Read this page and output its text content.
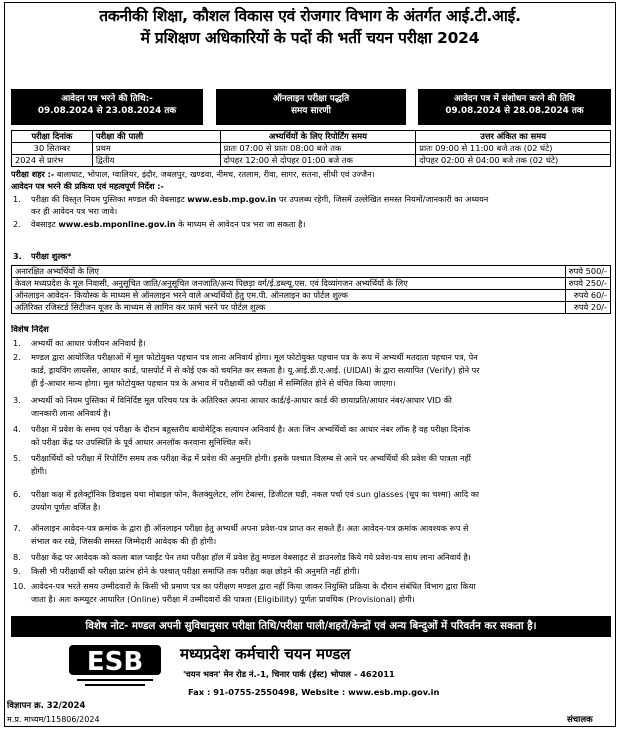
तकनीकी शिक्षा, कौशल विकास एवं रोजगार विभाग के अंतर्गत आई.टी.आई.
में प्रशिक्षण अधिकारियों के पदों की भर्ती चयन परीक्षा 2024
आवेदन पत्र भरने की तिथि:-
09.08.2024 से 23.08.2024 तक
ऑनलाइन परीक्षा पद्धति
समय सारणी
आवेदन पत्र में संशोधन करने की तिथि
09.08.2024 से 28.08.2024 तक
परीक्षा दिनांक	परीक्षा की पाली	अभ्यर्थियों के लिए रिपोर्टिंग समय	उत्तर अंकित का समय
30 सितम्बर	प्रथम	प्रातः 07:00 से प्रातः 08:00 बजे तक	प्रातः 09:00 से 11:00 बजे तक (02 घंटे)
2024 से प्रारंभ	द्वितीय	दोपहर 12:00 से दोपहर 01:00 बजे तक	दोपहर 02:00 से 04:00 बजे तक (02 घंटे)
परीक्षा शहर :- बालाघाट, भोपाल, ग्वालियर, इंदौर, जबलपुर, खण्डवा, नीमच, रतलाम, रीवा, सागर, सतना, सीधी एवं उज्जैन।
आवेदन पत्र भरने की प्रकिया एवं महत्वपूर्ण निर्देश :-
1. परीक्षा की विस्तृत नियम पुस्तिका मण्डल की वेबसाइट www.esb.mp.gov.in पर उपलब्ध रहेगी, जिसमें उल्लेखित समस्त नियमों/जानकारी का अध्ययन
कर ही आवेदन पत्र भरा जावे।
2. वेबसाइट www.esb.mponline.gov.in के माध्यम से आवेदन पत्र भरा जा सकता है।
3. परीक्षा शुल्क*
अनारक्षित अभ्यर्थियों के लिए	रुपये 500/-
केवल मध्यप्रदेश के मूल निवासी, अनुसूचित जाति/अनुसूचित जनजाति/अन्य पिछड़ा वर्ग/ई.डब्ल्यू.एस. एवं दिव्यांगजन अभ्यर्थियों के लिए	रुपये 250/-
ऑनलाइन आवेदन- कियोस्क के माध्यम से ऑनलाइन भरने वाले अभ्यर्थियों हेतु एम.पी. ऑनलाइन का पोर्टल शुल्क	रुपये 60/-
अतिरिक्त रजिस्टर्ड सिटीजन यूजर के माध्यम से लागिन कर फार्म भरने पर पोर्टल शुल्क	रुपये 20/-
विशेष निर्देश
1. अभ्यर्थी का आधार पंजीयन अनिवार्य है।
2. मण्डल द्वारा आयोजित परीक्षाओं में मूल फोटोयुक्त पहचान पत्र लाना अनिवार्य होगा। मूल फोटोयुक्त पहचान पत्र के रूप में अभ्यर्थी मतदाता पहचान पत्र, पेन
कार्ड, ड्रायविंग लायसेंस, आधार कार्ड, पासपोर्ट में से कोई एक को चयनित कर सकता है। यू.आई.डी.ए.आई. (UIDAI) के द्वारा सत्यापित (Verify) होने पर
ही ई-आधार मान्य होगा। मूल फोटोयुक्त पहचान पत्र के अभाव में परीक्षार्थी को परीक्षा में सम्मिलित होने से वंचित किया जाएगा।
3. अभ्यर्थी को नियम पुस्तिका में विनिर्दिष्ट मूल परिचय पत्र के अतिरिक्त अपना आधार कार्ड/ई-आधार कार्ड की छायाप्रति/आधार नंबर/आधार VID की
जानकारी लाना अनिवार्य है।
4. परीक्षा में प्रवेश के समय एवं परीक्षा के दौरान बहुस्तरीय बायोमेट्रिक सत्यापन अनिवार्य है। अतः जिन अभ्यर्थियों का आधार नंबर लॉक है वह परीक्षा दिनांक
को परीक्षा केंद्र पर उपस्थिति के पूर्व आधार अनलॉक करवाना सुनिश्चित करें।
5. परीक्षार्थियों को परीक्षा में रिपोर्टिंग समय तक परीक्षा केंद्र में प्रवेश की अनुमति होगी। इसके पश्चात विलम्ब से आने पर अभ्यर्थियों की प्रवेश की पात्रता नहीं
होगी।
6. परीक्षा कक्ष में इलेक्ट्रॉनिक डिवाइस यथा मोबाइल फोन, कैलक्युलेटर, लॉग टेबल्स, डिजीटल घड़ी, नकल पर्चा एवं sun glasses (धूप का चश्मा) आदि का
उपयोग पूर्णतः वर्जित है।
7. ऑनलाइन आवेदन-पत्र क्रमांक के द्वारा ही ऑनलाइन परीक्षा हेतु अभ्यर्थी अपना प्रवेश-पत्र प्राप्त कर सकते हैं। अतः आवेदन-पत्र क्रमांक आवश्यक रूप से
संभाल कर रखे, जिसकी समस्त जिम्मेदारी आवेदक की ही होगी।
8. परीक्षा केंद्र पर आवेदक को काला बाल प्वाईंट पेन तथा परीक्षा हॉल में प्रवेश हेतु मण्डल वेबसाइट से डाउनलोड किये गये प्रवेश-पत्र साथ लाना अनिवार्य है।
9. किसी भी परीक्षार्थी को परीक्षा प्रारंभ होने के पश्चात् परीक्षा समाप्ति तक परीक्षा कक्ष छोड़ने की अनुमति नहीं होगी।
10. आवेदन-पत्र भरते समय उम्मीदवारों के किसी भी प्रमाण पत्र का परीक्षण मण्डल द्वारा नहीं किया जाकर नियुक्ति प्रक्रिया के दौरान संबंधित विभाग द्वारा किया
जाता है। अतः कम्प्यूटर आधारित (Online) परीक्षा में उम्मीदवारों की पात्रता (Eligibility) पूर्णतः प्रावधिक (Provisional) होगी।
विशेष नोट- मण्डल अपनी सुविधानुसार परीक्षा तिथि/परीक्षा पाली/शहरों/केन्द्रों एवं अन्य बिन्दुओं में परिवर्तन कर सकता है।
ESB मध्यप्रदेश कर्मचारी चयन मण्डल
'चयन भवन' मेन रोड नं.-1, चिनार पार्क (ईस्ट) भोपाल - 462011
Fax : 91-0755-2550498, Website : www.esb.mp.gov.in
विज्ञापन क्र. 32/2024
म.प्र. माध्यम/115806/2024	संचालक
